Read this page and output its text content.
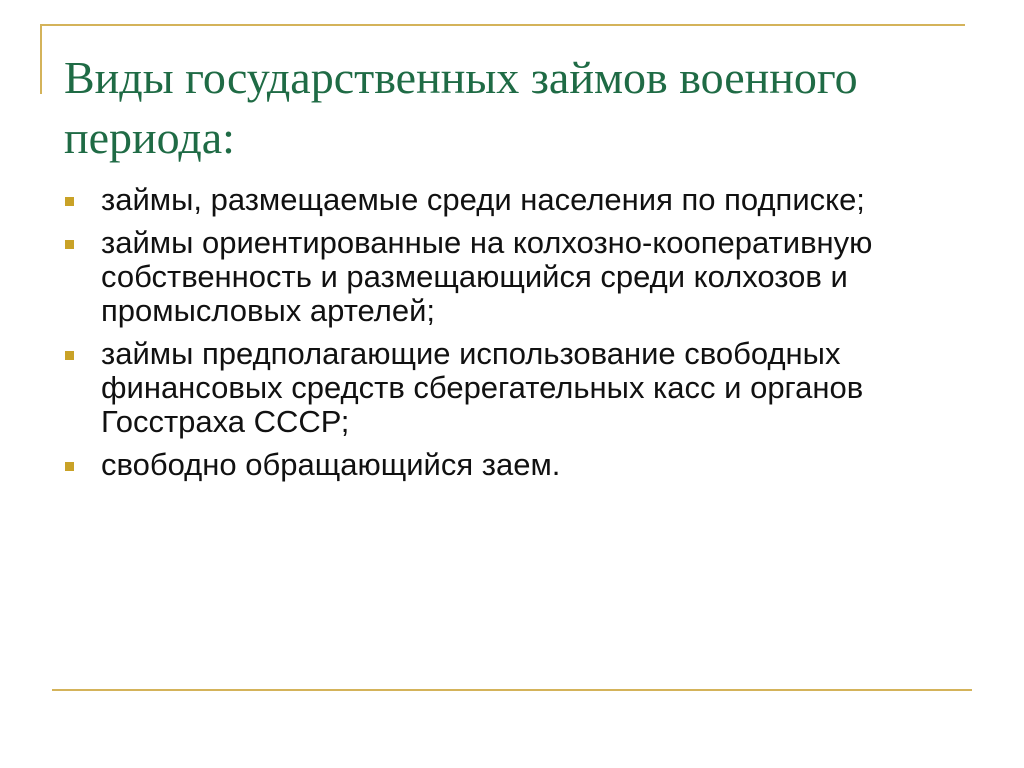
Виды государственных займов военного периода:
займы, размещаемые среди населения по подписке;
займы ориентированные на колхозно-кооперативную собственность и размещающийся среди колхозов и промысловых артелей;
займы предполагающие использование свободных финансовых средств сберегательных касс и органов Госстраха СССР;
свободно обращающийся заем.
